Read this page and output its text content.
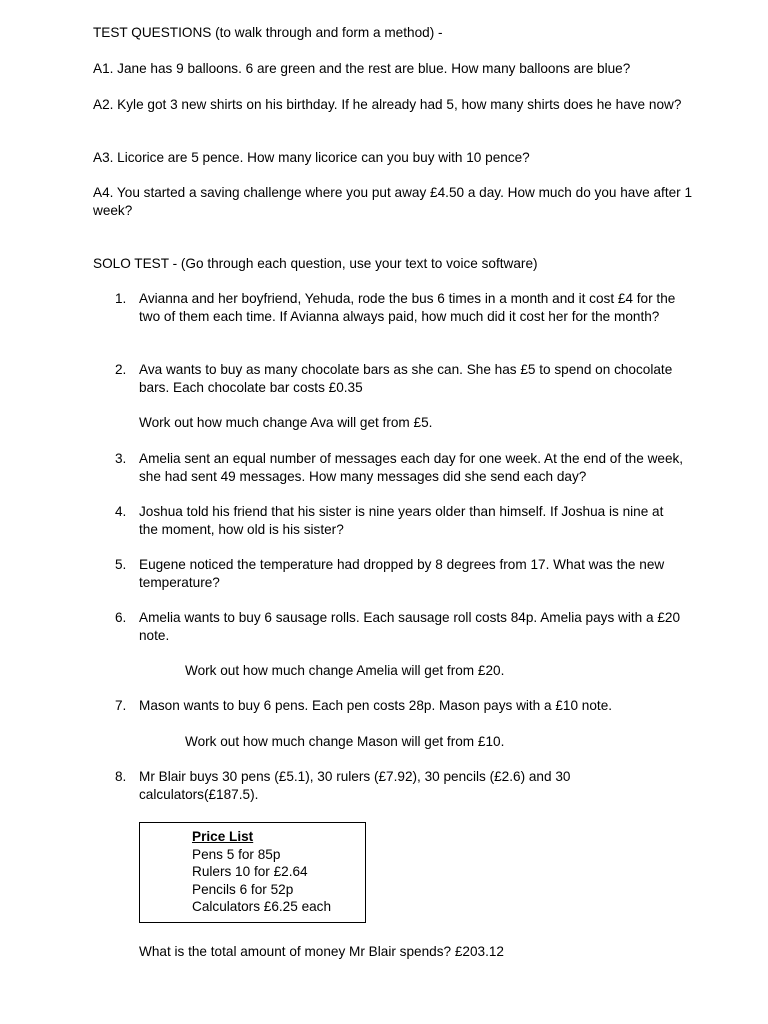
TEST QUESTIONS (to walk through and form a method) -

A1. Jane has 9 balloons. 6 are green and the rest are blue. How many balloons are blue?

A2. Kyle got 3 new shirts on his birthday. If he already had 5, how many shirts does he have now?

A3. Licorice are 5 pence. How many licorice can you buy with 10 pence?

A4. You started a saving challenge where you put away £4.50 a day. How much do you have after 1 week?

SOLO TEST - (Go through each question, use your text to voice software)

1. Avianna and her boyfriend, Yehuda, rode the bus 6 times in a month and it cost £4 for the two of them each time. If Avianna always paid, how much did it cost her for the month?

2. Ava wants to buy as many chocolate bars as she can. She has £5 to spend on chocolate bars. Each chocolate bar costs £0.35

Work out how much change Ava will get from £5.

3. Amelia sent an equal number of messages each day for one week. At the end of the week, she had sent 49 messages. How many messages did she send each day?

4. Joshua told his friend that his sister is nine years older than himself. If Joshua is nine at the moment, how old is his sister?

5. Eugene noticed the temperature had dropped by 8 degrees from 17. What was the new temperature?

6. Amelia wants to buy 6 sausage rolls. Each sausage roll costs 84p. Amelia pays with a £20 note.

Work out how much change Amelia will get from £20.

7. Mason wants to buy 6 pens. Each pen costs 28p. Mason pays with a £10 note.

Work out how much change Mason will get from £10.

8. Mr Blair buys 30 pens (£5.1), 30 rulers (£7.92), 30 pencils (£2.6) and 30 calculators(£187.5).

Price List
Pens 5 for 85p
Rulers 10 for £2.64
Pencils 6 for 52p
Calculators £6.25 each

What is the total amount of money Mr Blair spends? £203.12
